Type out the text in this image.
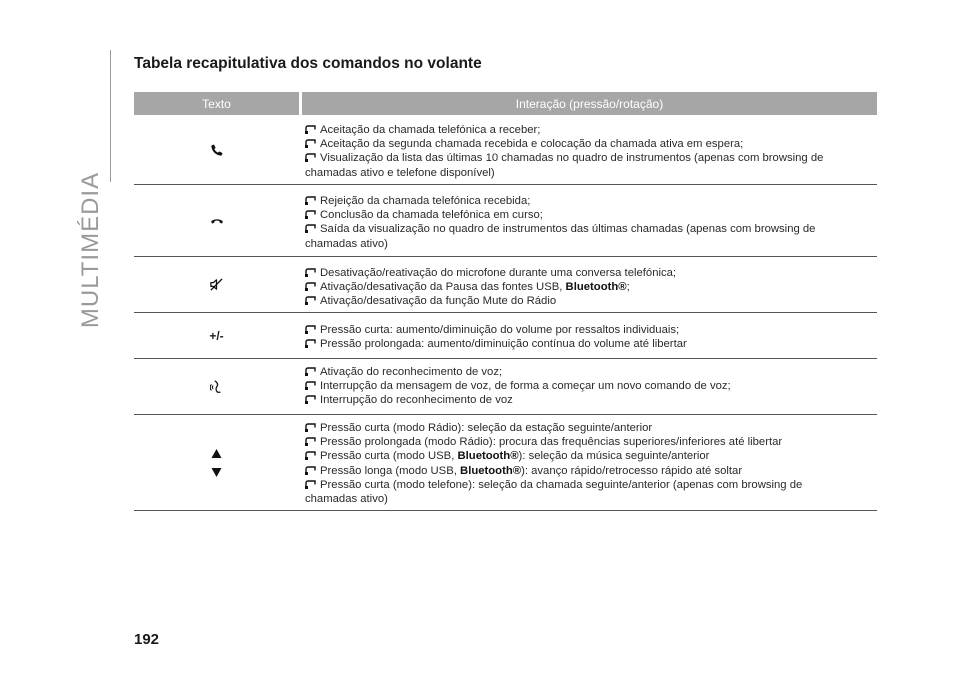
MULTIMÉDIA
Tabela recapitulativa dos comandos no volante
Texto	Interação (pressão/rotação)
Aceitação da chamada telefónica a receber;
Aceitação da segunda chamada recebida e colocação da chamada ativa em espera;
Visualização da lista das últimas 10 chamadas no quadro de instrumentos (apenas com browsing de
chamadas ativo e telefone disponível)
Rejeição da chamada telefónica recebida;
Conclusão da chamada telefónica em curso;
Saída da visualização no quadro de instrumentos das últimas chamadas (apenas com browsing de
chamadas ativo)
Desativação/reativação do microfone durante uma conversa telefónica;
Ativação/desativação da Pausa das fontes USB, Bluetooth®;
Ativação/desativação da função Mute do Rádio
+/-	Pressão curta: aumento/diminuição do volume por ressaltos individuais;
Pressão prolongada: aumento/diminuição contínua do volume até libertar
Ativação do reconhecimento de voz;
Interrupção da mensagem de voz, de forma a começar um novo comando de voz;
Interrupção do reconhecimento de voz
Pressão curta (modo Rádio): seleção da estação seguinte/anterior
Pressão prolongada (modo Rádio): procura das frequências superiores/inferiores até libertar
Pressão curta (modo USB, Bluetooth®): seleção da música seguinte/anterior
Pressão longa (modo USB, Bluetooth®): avanço rápido/retrocesso rápido até soltar
Pressão curta (modo telefone): seleção da chamada seguinte/anterior (apenas com browsing de
chamadas ativo)
192
